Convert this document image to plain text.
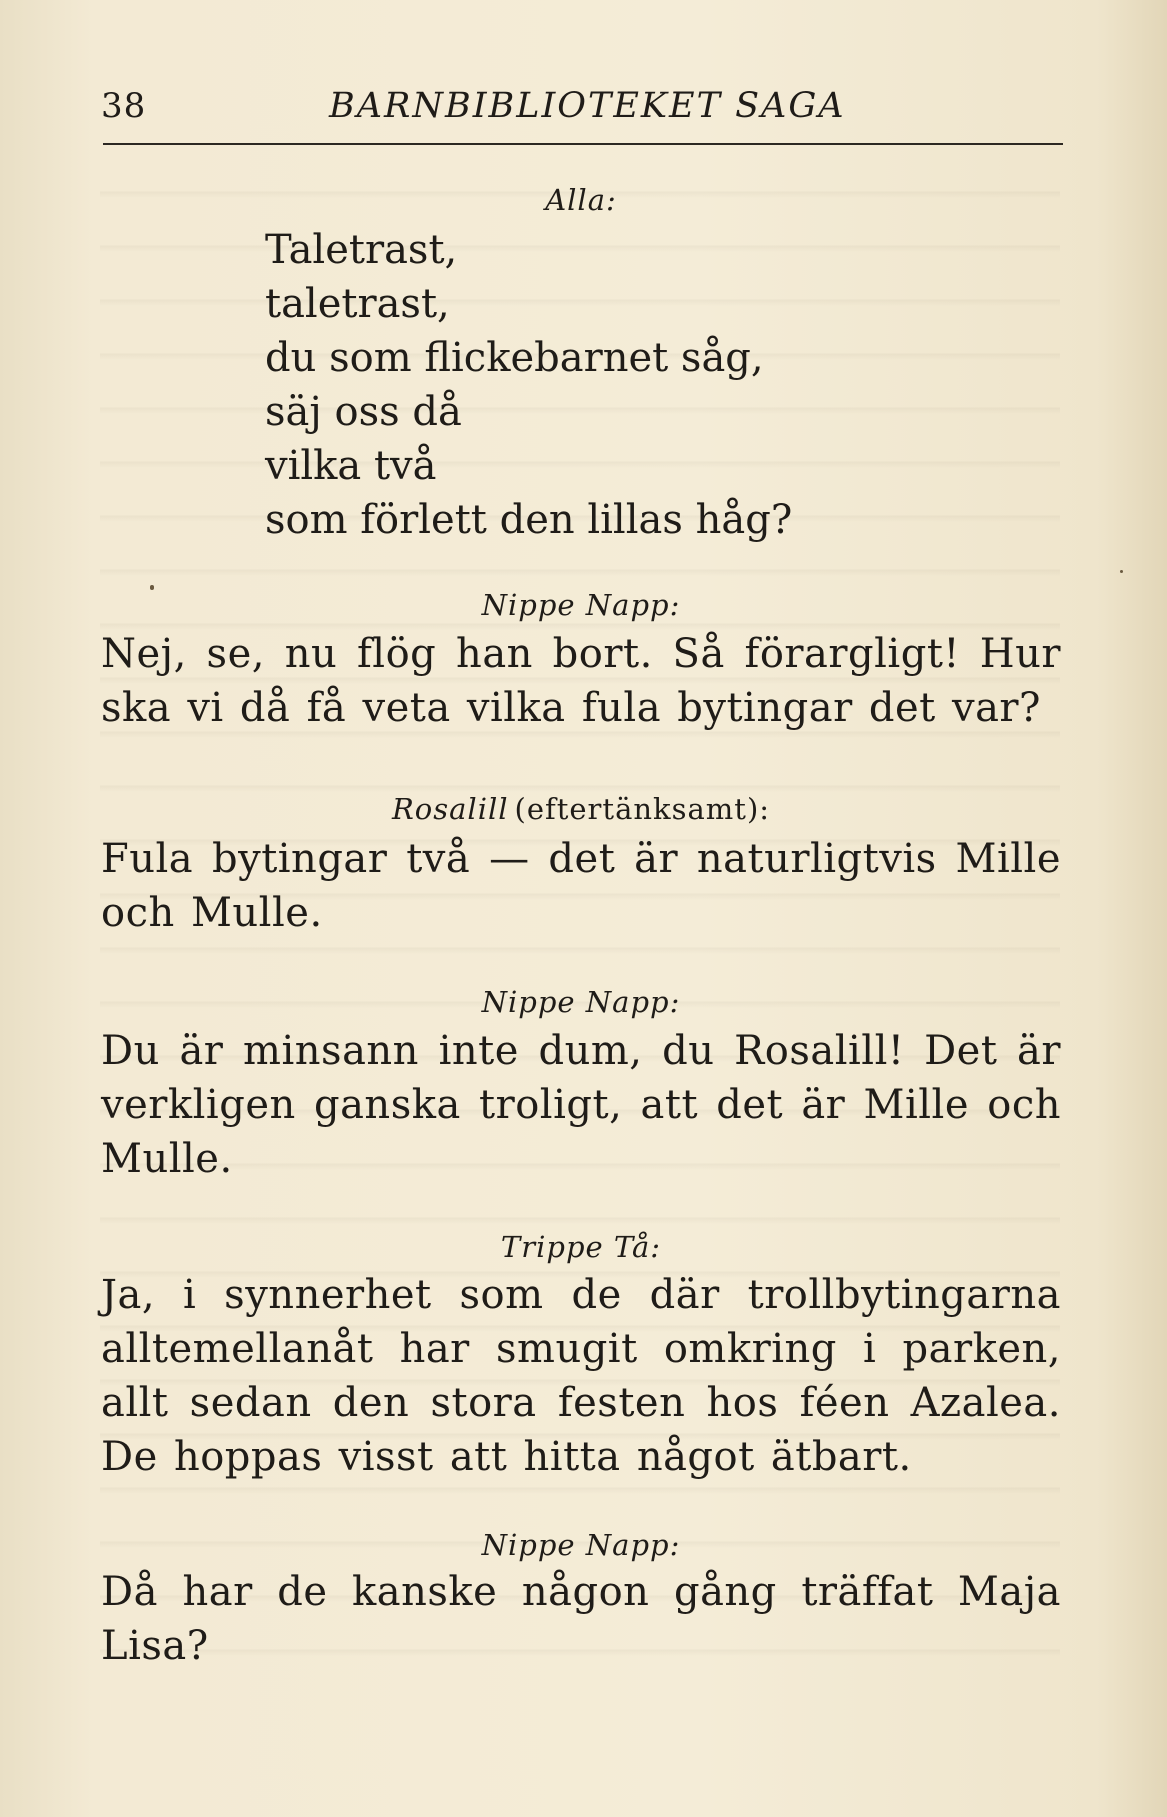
38	BARNBIBLIOTEKET SAGA
Alla:
Taletrast,
taletrast,
du som flickebarnet såg,
säj oss då
vilka två
som förlett den lillas håg?
Nippe Napp:

Nej, se, nu flög han bort. Så förargligt! Hur ska vi då få veta vilka fula bytingar det var?

Rosalill (eftertänksamt):

Fula bytingar två — det är naturligtvis Mille och Mulle.

Nippe Napp:

Du är minsann inte dum, du Rosalill! Det är verkligen ganska troligt, att det är Mille och Mulle.

Trippe Tå:

Ja, i synnerhet som de där trollbytingarna alltemellanåt har smugit omkring i parken, allt sedan den stora festen hos féen Azalea. De hoppas visst att hitta något ätbart.

Nippe Napp:

Då har de kanske någon gång träffat Maja Lisa?
